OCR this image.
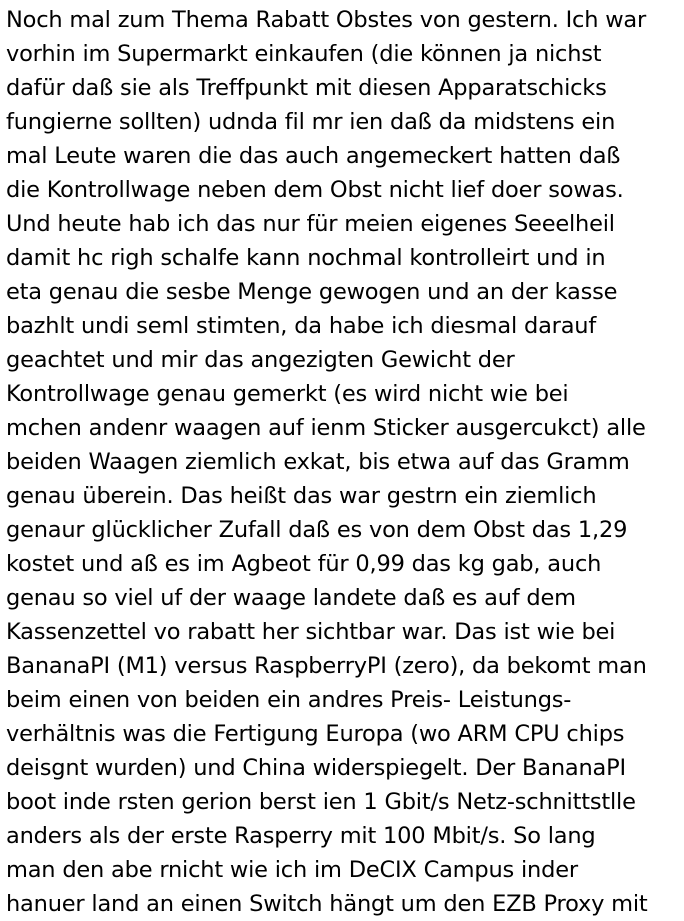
Noch mal zum Thema Rabatt Obstes von gestern. Ich war
vorhin im Supermarkt einkaufen (die können ja nichst
dafür daß sie als Treffpunkt mit diesen Apparatschicks
fungierne sollten) udnda fil mr ien daß da midstens ein
mal Leute waren die das auch angemeckert hatten daß
die Kontrollwage neben dem Obst nicht lief doer sowas.
Und heute hab ich das nur für meien eigenes Seeelheil
damit hc righ schalfe kann nochmal kontrolleirt und in
eta genau die sesbe Menge gewogen und an der kasse
bazhlt undi seml stimten, da habe ich diesmal darauf
geachtet und mir das angezigten Gewicht der
Kontrollwage genau gemerkt (es wird nicht wie bei
mchen andenr waagen auf ienm Sticker ausgercukct) alle
beiden Waagen ziemlich exkat, bis etwa auf das Gramm
genau überein. Das heißt das war gestrn ein ziemlich
genaur glücklicher Zufall daß es von dem Obst das 1,29
kostet und aß es im Agbeot für 0,99 das kg gab, auch
genau so viel uf der waage landete daß es auf dem
Kassenzettel vo rabatt her sichtbar war. Das ist wie bei
BananaPI (M1) versus RaspberryPI (zero), da bekomt man
beim einen von beiden ein andres Preis- Leistungs-
verhältnis was die Fertigung Europa (wo ARM CPU chips
deisgnt wurden) und China widerspiegelt. Der BananaPI
boot inde rsten gerion berst ien 1 Gbit/s Netz-schnittstlle
anders als der erste Rasperry mit 100 Mbit/s. So lang
man den abe rnicht wie ich im DeCIX Campus inder
hanuer land an einen Switch hängt um den EZB Proxy mit
